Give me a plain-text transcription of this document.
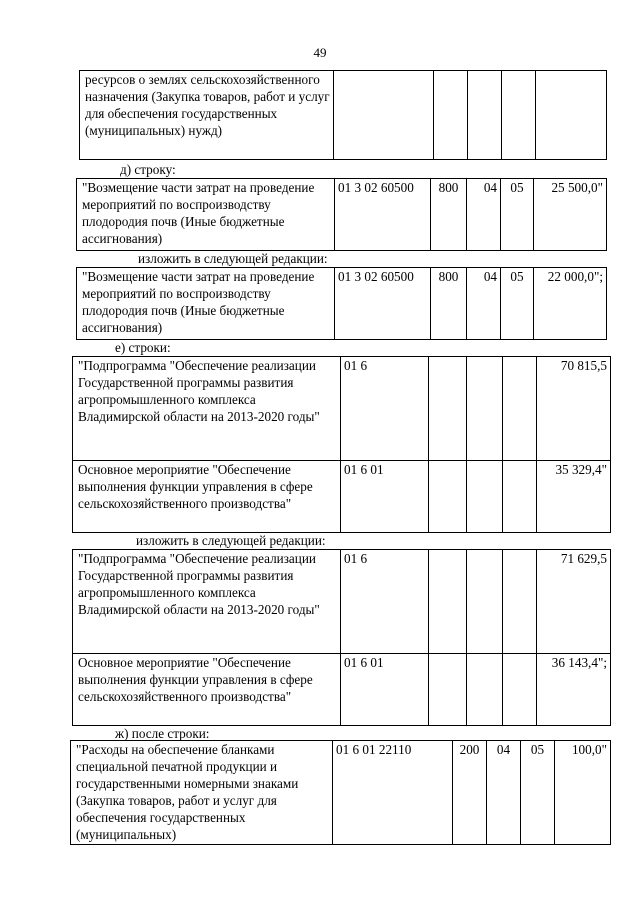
49
ресурсов о землях сельскохозяйственного назначения (Закупка товаров, работ и услуг для обеспечения государственных (муниципальных) нужд)					
д) строку:
"Возмещение части затрат на проведение мероприятий по воспроизводству плодородия почв (Иные бюджетные ассигнования)	01 3 02 60500	800	04	05	25 500,0"
изложить в следующей редакции:
"Возмещение части затрат на проведение мероприятий по воспроизводству плодородия почв (Иные бюджетные ассигнования)	01 3 02 60500	800	04	05	22 000,0";
е) строки:
"Подпрограмма "Обеспечение реализации Государственной программы развития агропромышленного комплекса Владимирской области на 2013-2020 годы"	01 6				70 815,5
Основное мероприятие "Обеспечение выполнения функции управления в сфере сельскохозяйственного производства"	01 6 01				35 329,4"
изложить в следующей редакции:
"Подпрограмма "Обеспечение реализации Государственной программы развития агропромышленного комплекса Владимирской области на 2013-2020 годы"	01 6				71 629,5
Основное мероприятие "Обеспечение выполнения функции управления в сфере сельскохозяйственного производства"	01 6 01				36 143,4";
ж) после строки:
"Расходы на обеспечение бланками специальной печатной продукции и государственными номерными знаками (Закупка товаров, работ и услуг для обеспечения государственных (муниципальных)	01 6 01 22110	200	04	05	100,0"
